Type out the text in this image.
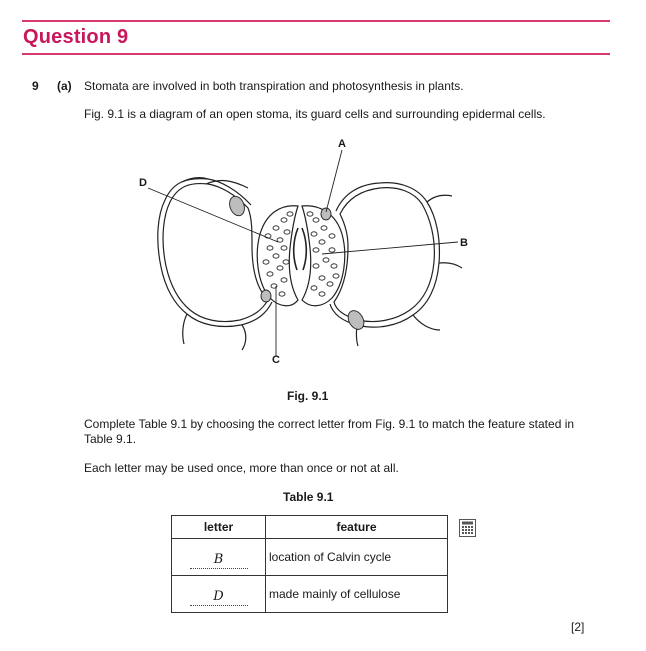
Question 9
9 (a) Stomata are involved in both transpiration and photosynthesis in plants.
Fig. 9.1 is a diagram of an open stoma, its guard cells and surrounding epidermal cells.
A
B
C
D
Fig. 9.1
Complete Table 9.1 by choosing the correct letter from Fig. 9.1 to match the feature stated in
Table 9.1.
Each letter may be used once, more than once or not at all.
Table 9.1
letter	feature
B	location of Calvin cycle
D	made mainly of cellulose
[2]
